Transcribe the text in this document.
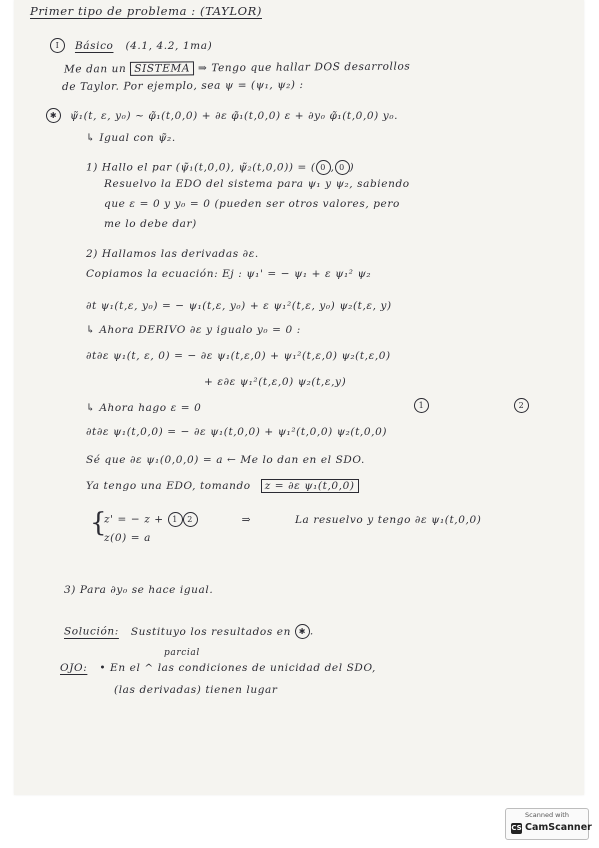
Primer tipo de problema : (TAYLOR)
I Básico (4.1, 4.2, 1ma)
Me dan un SISTEMA ⇒ Tengo que hallar DOS desarrollos
de Taylor. Por ejemplo, sea ψ = (ψ₁, ψ₂) :
✱ ψ̃₁(t, ε, y₀) ~ φ̃₁(t,0,0) + ∂ε φ̃₁(t,0,0) ε + ∂y₀ φ̃₁(t,0,0) y₀.
↳ Igual con ψ̃₂.
1) Hallo el par (ψ̃₁(t,0,0), ψ̃₂(t,0,0)) = ( 0 , 0 )
Resuelvo la EDO del sistema para ψ₁ y ψ₂, sabiendo
que ε = 0 y y₀ = 0 (pueden ser otros valores, pero
me lo debe dar)
2) Hallamos las derivadas ∂ε.
Copiamos la ecuación: Ej : ψ₁' = − ψ₁ + ε ψ₁² ψ₂
∂t ψ₁(t,ε, y₀) = − ψ₁(t,ε, y₀) + ε ψ₁²(t,ε, y₀) ψ₂(t,ε, y)
↳ Ahora DERIVO ∂ε y igualo y₀ = 0 :
∂t∂ε ψ₁(t, ε, 0) = − ∂ε ψ₁(t,ε,0) + ψ₁²(t,ε,0) ψ₂(t,ε,0)
+ ε∂ε ψ₁²(t,ε,0) ψ₂(t,ε,y)
↳ Ahora hago ε = 0	1	2
∂t∂ε ψ₁(t,0,0) = − ∂ε ψ₁(t,0,0) + ψ₁²(t,0,0) ψ₂(t,0,0)
Sé que ∂ε ψ₁(0,0,0) = a ← Me lo dan en el SDO.
Ya tengo una EDO, tomando z = ∂ε ψ₁(t,0,0)
{
z' = − z + 1 2	⇒	La resuelvo y tengo ∂ε ψ₁(t,0,0)
z(0) = a
3) Para ∂y₀ se hace igual.
Solución: Sustituyo los resultados en ✱ .
parcial
OJO: • En el ^ las condiciones de unicidad del SDO,
(las derivadas) tienen lugar
Scanned with
CS CamScanner
